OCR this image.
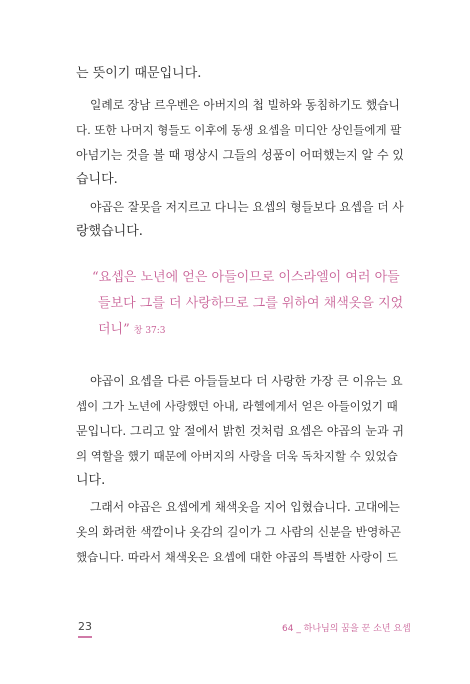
는 뜻이기 때문입니다.
일례로 장남 르우벤은 아버지의 첩 빌하와 동침하기도 했습니
다. 또한 나머지 형들도 이후에 동생 요셉을 미디안 상인들에게 팔
아넘기는 것을 볼 때 평상시 그들의 성품이 어떠했는지 알 수 있
습니다.
야곱은 잘못을 저지르고 다니는 요셉의 형들보다 요셉을 더 사
랑했습니다.
“요셉은 노년에 얻은 아들이므로 이스라엘이 여러 아들
들보다 그를 더 사랑하므로 그를 위하여 채색옷을 지었
더니” 창 37:3
야곱이 요셉을 다른 아들들보다 더 사랑한 가장 큰 이유는 요
셉이 그가 노년에 사랑했던 아내, 라헬에게서 얻은 아들이었기 때
문입니다. 그리고 앞 절에서 밝힌 것처럼 요셉은 야곱의 눈과 귀
의 역할을 했기 때문에 아버지의 사랑을 더욱 독차지할 수 있었습
니다.
그래서 야곱은 요셉에게 채색옷을 지어 입혔습니다. 고대에는
옷의 화려한 색깔이나 옷감의 길이가 그 사람의 신분을 반영하곤
했습니다. 따라서 채색옷은 요셉에 대한 야곱의 특별한 사랑이 드
23	64 _ 하나님의 꿈을 꾼 소년 요셉
